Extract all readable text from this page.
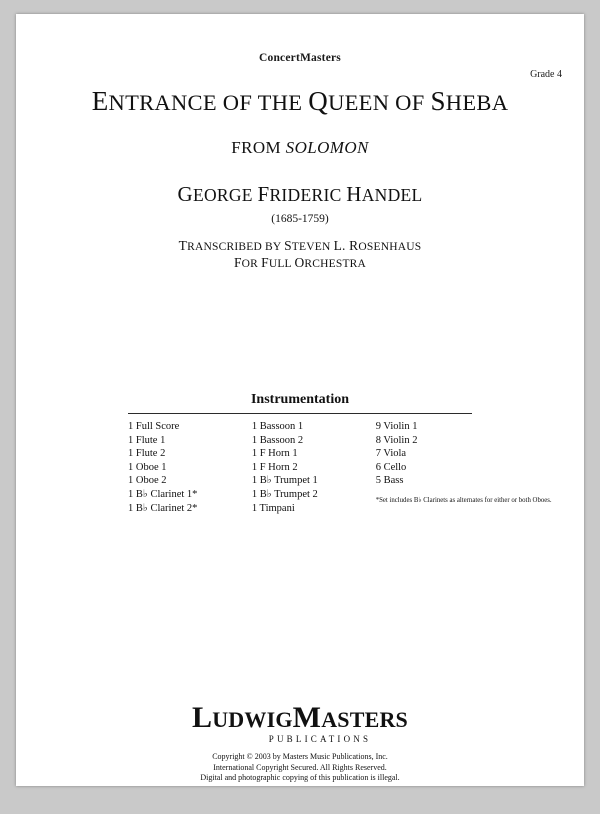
ConcertMasters
Grade 4
ENTRANCE OF THE QUEEN OF SHEBA
FROM SOLOMON
GEORGE FRIDERIC HANDEL
(1685-1759)
TRANSCRIBED BY STEVEN L. ROSENHAUS
FOR FULL ORCHESTRA
Instrumentation
1 Full Score
1 Flute 1
1 Flute 2
1 Oboe 1
1 Oboe 2
1 B♭ Clarinet 1*
1 B♭ Clarinet 2*
1 Bassoon 1
1 Bassoon 2
1 F Horn 1
1 F Horn 2
1 B♭ Trumpet 1
1 B♭ Trumpet 2
1 Timpani
9 Violin 1
8 Violin 2
7 Viola
6 Cello
5 Bass
*Set includes B♭ Clarinets as alternates for either or both Oboes.
LUDWIGMASTERS
PUBLICATIONS
Copyright © 2003 by Masters Music Publications, Inc.
International Copyright Secured. All Rights Reserved.
Digital and photographic copying of this publication is illegal.
